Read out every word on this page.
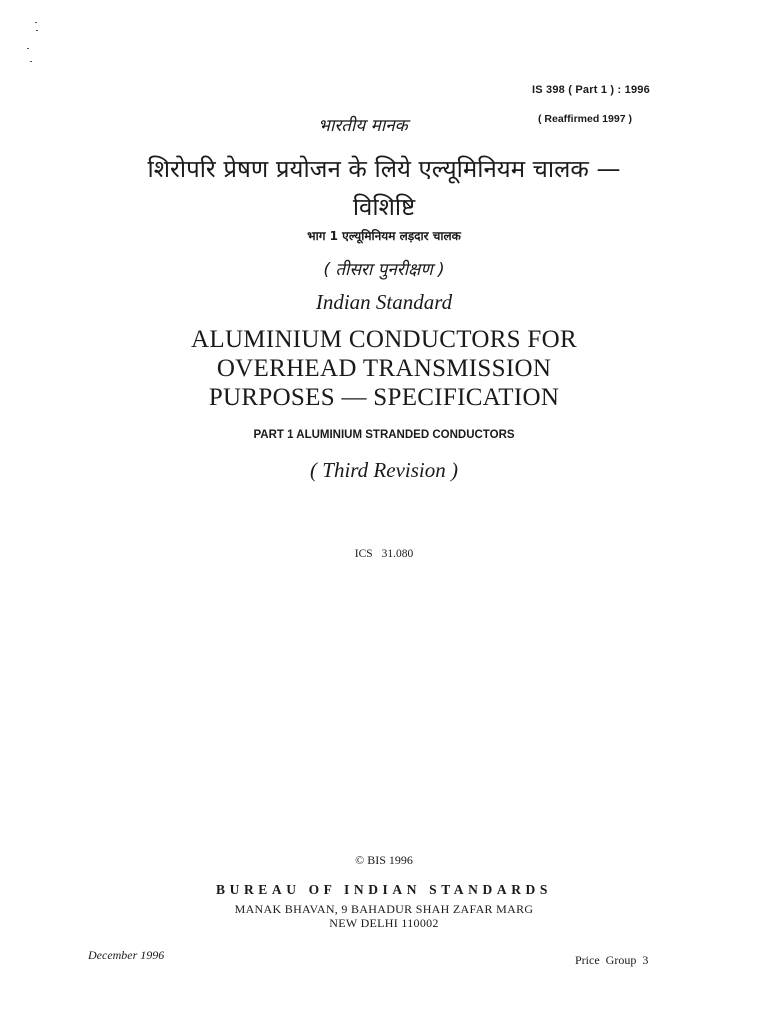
IS 398 ( Part 1 ) : 1996
( Reaffirmed 1997 )
भारतीय मानक
शिरोपरि प्रेषण प्रयोजन के लिये एल्यूमिनियम चालक —
विशिष्टि
भाग 1 एल्यूमिनियम लड़दार चालक
( तीसरा पुनरीक्षण )
Indian Standard
ALUMINIUM CONDUCTORS FOR
OVERHEAD TRANSMISSION
PURPOSES — SPECIFICATION
PART 1 ALUMINIUM STRANDED CONDUCTORS
( Third Revision )
ICS 31.080
© BIS 1996
BUREAU OF INDIAN STANDARDS
MANAK BHAVAN, 9 BAHADUR SHAH ZAFAR MARG
NEW DELHI 110002
December 1996	Price Group 3
